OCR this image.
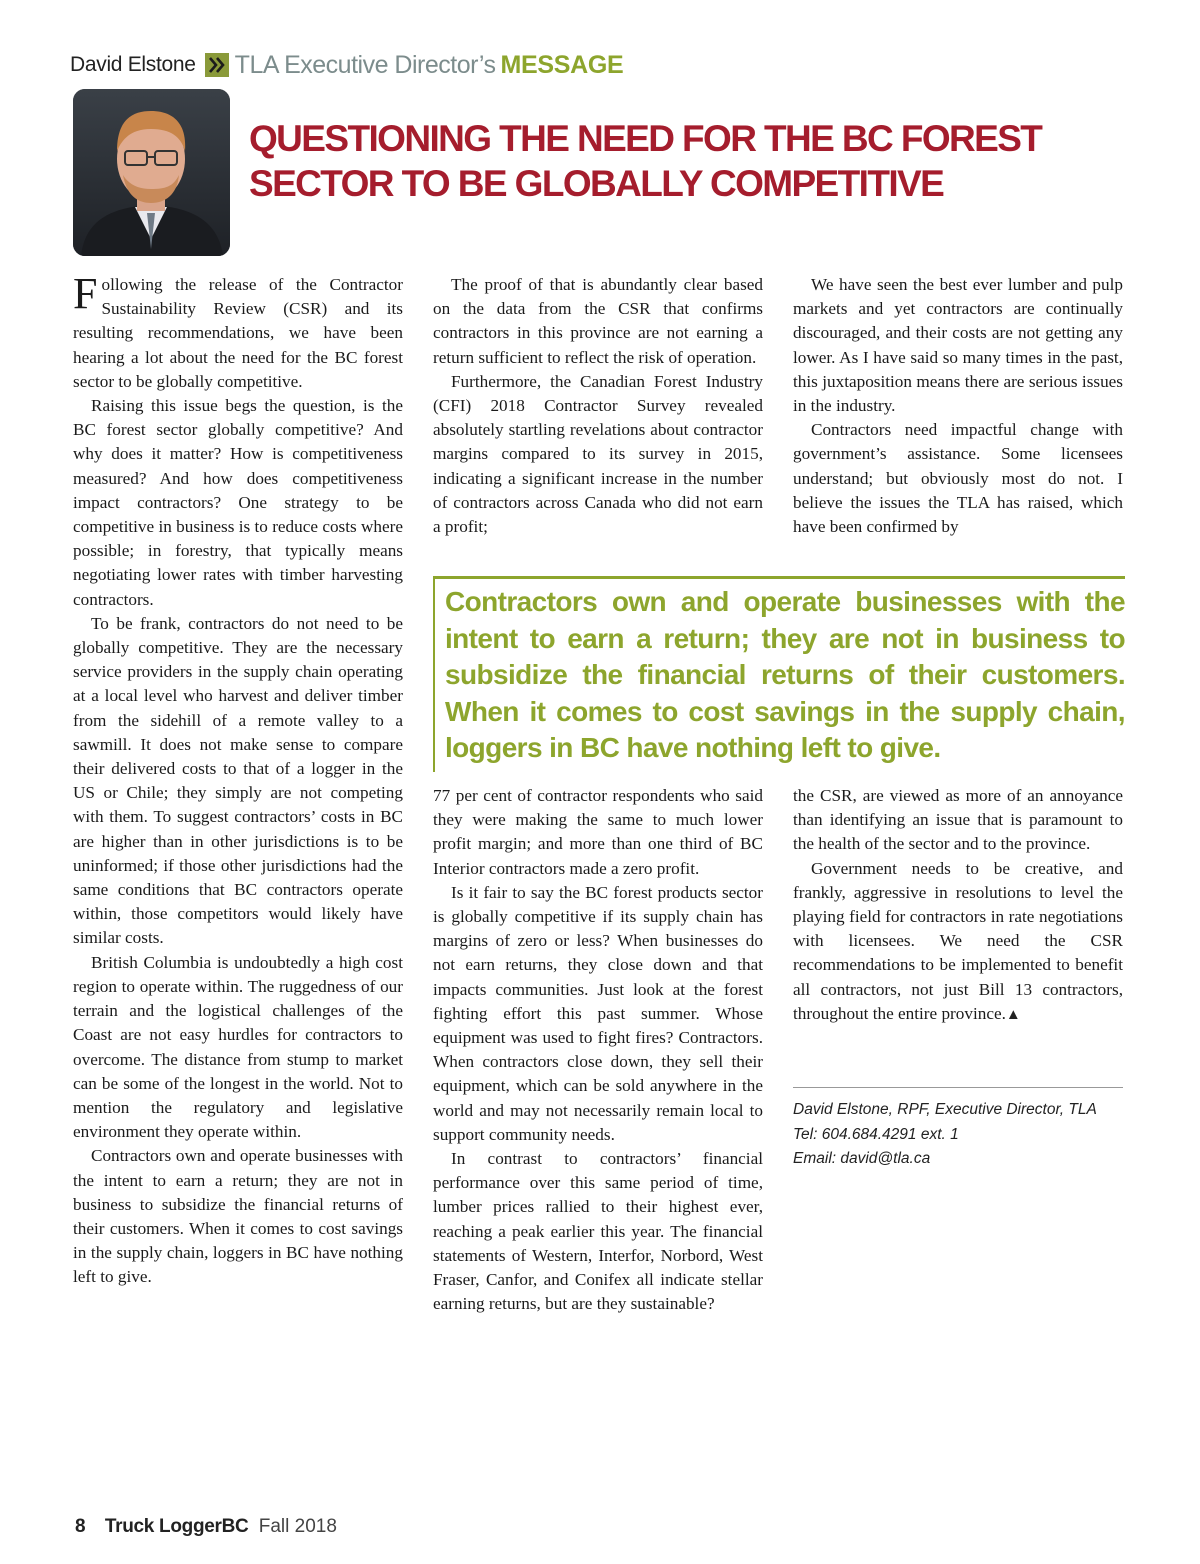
David Elstone TLA Executive Director’s MESSAGE
QUESTIONING THE NEED FOR THE BC FOREST SECTOR TO BE GLOBALLY COMPETITIVE

Following the release of the Contractor Sustainability Review (CSR) and its resulting recommendations, we have been hearing a lot about the need for the BC forest sector to be globally competitive.

Raising this issue begs the question, is the BC forest sector globally competitive? And why does it matter? How is competitiveness measured? And how does competitiveness impact contractors? One strategy to be competitive in business is to reduce costs where possible; in forestry, that typically means negotiating lower rates with timber harvesting contractors.

To be frank, contractors do not need to be globally competitive. They are the necessary service providers in the supply chain operating at a local level who harvest and deliver timber from the sidehill of a remote valley to a sawmill. It does not make sense to compare their delivered costs to that of a logger in the US or Chile; they simply are not competing with them. To suggest contractors’ costs in BC are higher than in other jurisdictions is to be uninformed; if those other jurisdictions had the same conditions that BC contractors operate within, those competitors would likely have similar costs.

British Columbia is undoubtedly a high cost region to operate within. The ruggedness of our terrain and the logistical challenges of the Coast are not easy hurdles for contractors to overcome. The distance from stump to market can be some of the longest in the world. Not to mention the regulatory and legislative environment they operate within.

Contractors own and operate businesses with the intent to earn a return; they are not in business to subsidize the financial returns of their customers. When it comes to cost savings in the supply chain, loggers in BC have nothing left to give.

The proof of that is abundantly clear based on the data from the CSR that confirms contractors in this province are not earning a return sufficient to reflect the risk of operation.

Furthermore, the Canadian Forest Industry (CFI) 2018 Contractor Survey revealed absolutely startling revelations about contractor margins compared to its survey in 2015, indicating a significant increase in the number of contractors across Canada who did not earn a profit;

We have seen the best ever lumber and pulp markets and yet contractors are continually discouraged, and their costs are not getting any lower. As I have said so many times in the past, this juxtaposition means there are serious issues in the industry.

Contractors need impactful change with government’s assistance. Some licensees understand; but obviously most do not. I believe the issues the TLA has raised, which have been confirmed by

Contractors own and operate businesses with the intent to earn a return; they are not in business to subsidize the financial returns of their customers. When it comes to cost savings in the supply chain, loggers in BC have nothing left to give.

77 per cent of contractor respondents who said they were making the same to much lower profit margin; and more than one third of BC Interior contractors made a zero profit.

Is it fair to say the BC forest products sector is globally competitive if its supply chain has margins of zero or less? When businesses do not earn returns, they close down and that impacts communities. Just look at the forest fighting effort this past summer. Whose equipment was used to fight fires? Contractors. When contractors close down, they sell their equipment, which can be sold anywhere in the world and may not necessarily remain local to support community needs.

In contrast to contractors’ financial performance over this same period of time, lumber prices rallied to their highest ever, reaching a peak earlier this year. The financial statements of Western, Interfor, Norbord, West Fraser, Canfor, and Conifex all indicate stellar earning returns, but are they sustainable?

the CSR, are viewed as more of an annoyance than identifying an issue that is paramount to the health of the sector and to the province.

Government needs to be creative, and frankly, aggressive in resolutions to level the playing field for contractors in rate negotiations with licensees. We need the CSR recommendations to be implemented to benefit all contractors, not just Bill 13 contractors, throughout the entire province.▲

David Elstone, RPF, Executive Director, TLA
Tel: 604.684.4291 ext. 1
Email: david@tla.ca
8 Truck LoggerBC Fall 2018
